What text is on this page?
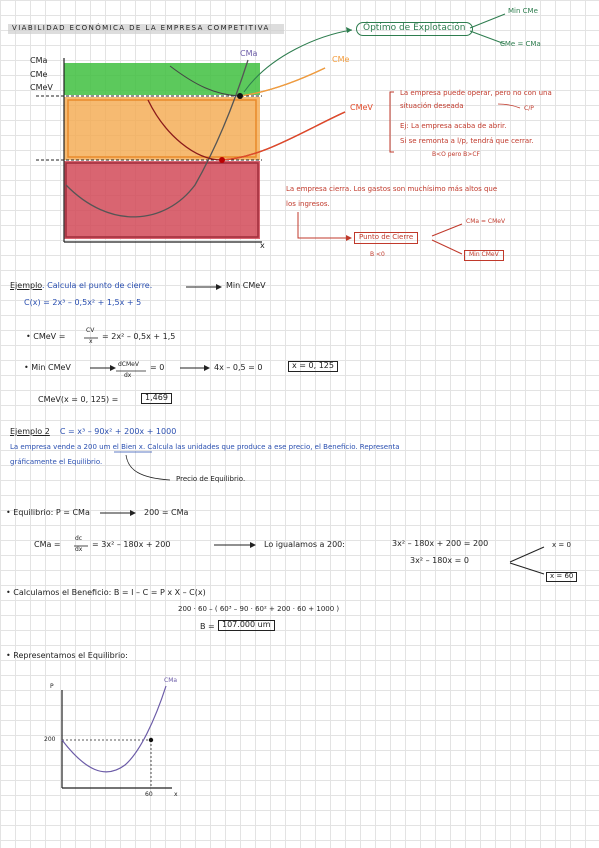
VIABILIDAD ECONÓMICA DE LA EMPRESA COMPETITIVA	Óptimo de Explotación
Min CMe
CMe = CMa
CMa
CMe
CMeV
CMa
CMe
CMeV
x
La empresa puede operar, pero no con una
situación deseada	C/P
Ej: La empresa acaba de abrir.
Si se remonta a l/p, tendrá que cerrar.
B<O pero B>CF
La empresa cierra. Los gastos son muchísimo más altos que
los ingresos.
Punto de Cierre
B <0
CMa = CMeV
Min CMeV
Ejemplo. Calcula el punto de cierre.	Min CMeV
C(x) = 2x³ – 0,5x² + 1,5x + 5
• CMeV =
CV
x
= 2x² – 0,5x + 1,5
• Min CMeV	dCMeV
dx
= 0	4x – 0,5 = 0	x = 0, 125
CMeV(x = 0, 125) =	1,469
Ejemplo 2 C = x³ – 90x² + 200x + 1000
La empresa vende a 200 um el Bien x. Calcula las unidades que produce a ese precio, el Beneficio. Representa
gráficamente el Equilibrio.
Precio de Equilibrio.
• Equilibrio: P = CMa	200 = CMa
CMa =
dc
dx
= 3x² – 180x + 200	Lo igualamos a 200:	3x² – 180x + 200 = 200
3x² – 180x = 0
x = 0
x = 60
• Calculamos el Beneficio: B = I – C = P x X – C(x)
200 · 60 – ( 60³ – 90 · 60² + 200 · 60 + 1000 )
B = 107.000 um
• Representamos el Equilibrio:
P
x
CMa
200
60
